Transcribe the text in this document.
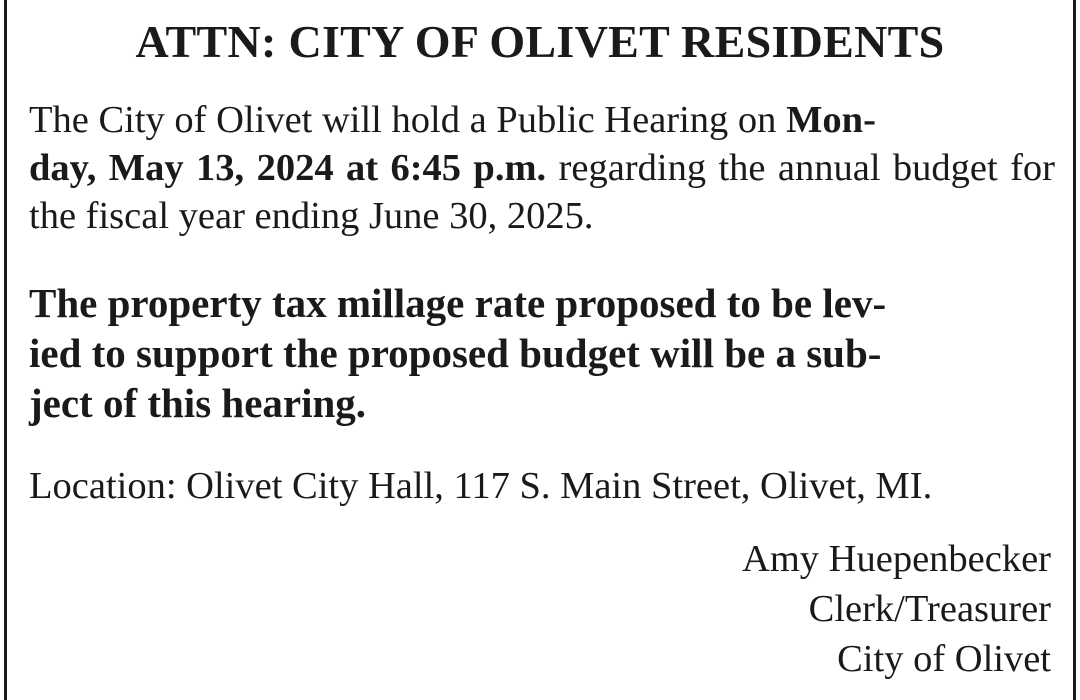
ATTN: CITY OF OLIVET RESIDENTS

The City of Olivet will hold a Public Hearing on Mon-
day, May 13, 2024 at 6:45 p.m. regarding the annual budget for the fiscal year ending June 30, 2025.

The property tax millage rate proposed to be lev-
ied to support the proposed budget will be a sub-
ject of this hearing.

Location: Olivet City Hall, 117 S. Main Street, Olivet, MI.

Amy Huepenbecker
Clerk/Treasurer
City of Olivet
